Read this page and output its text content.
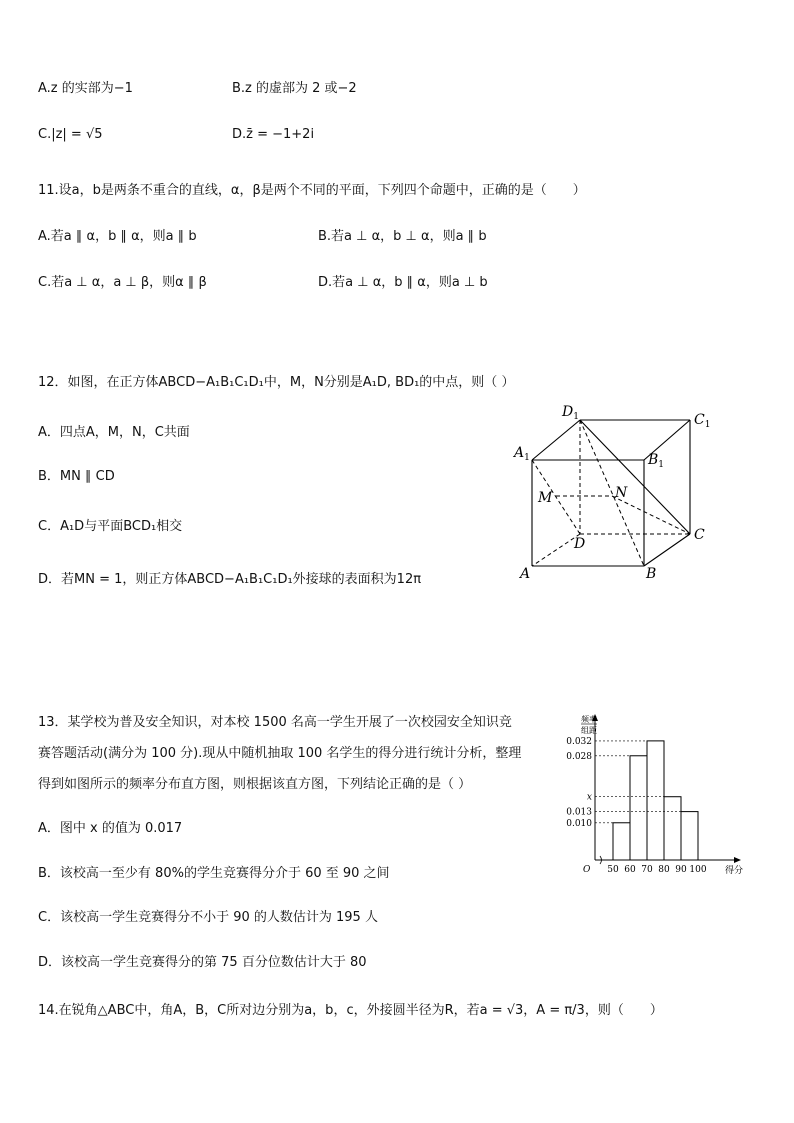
A.z 的实部为−1	B.z 的虚部为 2 或−2
C.|z| = √5	D.z̄ = −1+2i
11.设a，b是两条不重合的直线，α，β是两个不同的平面，下列四个命题中，正确的是（　　）
A.若a ∥ α，b ∥ α，则a ∥ b	B.若a ⊥ α，b ⊥ α，则a ∥ b
C.若a ⊥ α，a ⊥ β，则α ∥ β	D.若a ⊥ α，b ∥ α，则a ⊥ b
12．如图，在正方体ABCD−A₁B₁C₁D₁中，M，N分别是A₁D, BD₁的中点，则（ ）
A．四点A，M，N，C共面
B．MN ∥ CD
C．A₁D与平面BCD₁相交
D．若MN = 1，则正方体ABCD−A₁B₁C₁D₁外接球的表面积为12π
$D_1$	$C_1$
$A_1$	$B_1$
M	N
D
C
A	B
13．某学校为普及安全知识，对本校 1500 名高一学生开展了一次校园安全知识竞
赛答题活动(满分为 100 分).现从中随机抽取 100 名学生的得分进行统计分析，整理
得到如图所示的频率分布直方图，则根据该直方图，下列结论正确的是（ ）
A．图中 x 的值为 0.017
B．该校高一至少有 80%的学生竞赛得分介于 60 至 90 之间
C．该校高一学生竞赛得分不小于 90 的人数估计为 195 人
D．该校高一学生竞赛得分的第 75 百分位数估计大于 80
0.032
0.028
x
0.013
0.010
50 60 70 80 90 100
O	得分
频率
组距
14.在锐角△ABC中，角A，B，C所对边分别为a，b，c，外接圆半径为R，若a = √3，A = π/3，则（　　）
